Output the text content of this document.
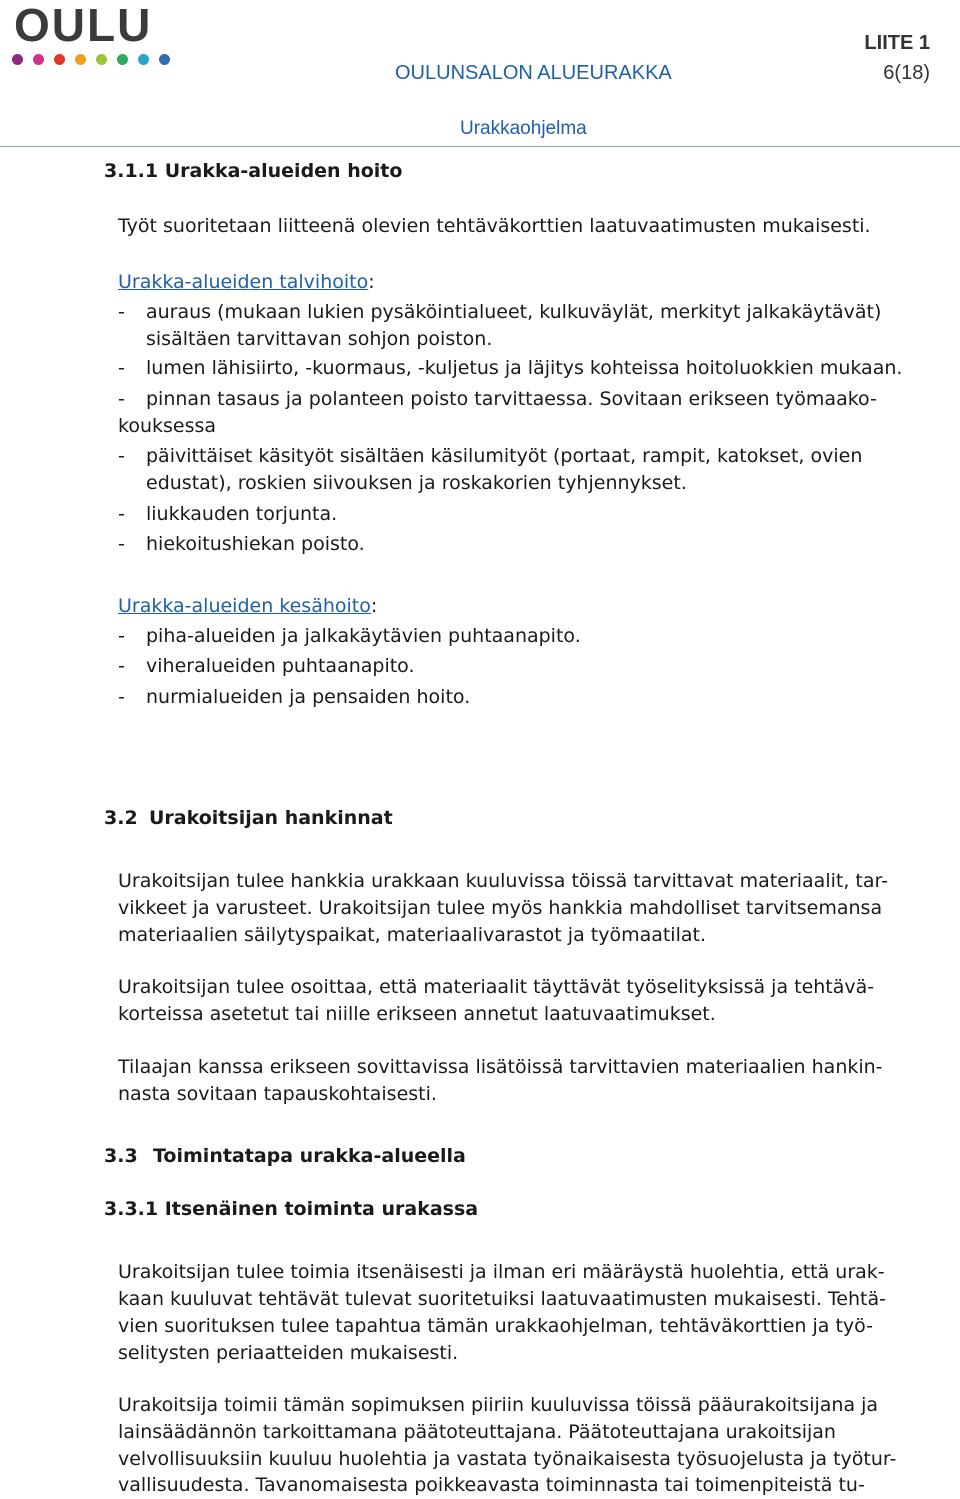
OULU	LIITE 1
OULUNSALON ALUEURAKKA	6(18)
Urakkaohjelma
3.1.1 Urakka-alueiden hoito
Työt suoritetaan liitteenä olevien tehtäväkorttien laatuvaatimusten mukaisesti.
Urakka-alueiden talvihoito:
- auraus (mukaan lukien pysäköintialueet, kulkuväylät, merkityt jalkakäytävät)
sisältäen tarvittavan sohjon poiston.
- lumen lähisiirto, -kuormaus, -kuljetus ja läjitys kohteissa hoitoluokkien mukaan.
- pinnan tasaus ja polanteen poisto tarvittaessa. Sovitaan erikseen työmaako-
kouksessa
- päivittäiset käsityöt sisältäen käsilumityöt (portaat, rampit, katokset, ovien
edustat), roskien siivouksen ja roskakorien tyhjennykset.
- liukkauden torjunta.
- hiekoitushiekan poisto.
Urakka-alueiden kesähoito:
- piha-alueiden ja jalkakäytävien puhtaanapito.
- viheralueiden puhtaanapito.
- nurmialueiden ja pensaiden hoito.
3.2 Urakoitsijan hankinnat
Urakoitsijan tulee hankkia urakkaan kuuluvissa töissä tarvittavat materiaalit, tar-
vikkeet ja varusteet. Urakoitsijan tulee myös hankkia mahdolliset tarvitsemansa
materiaalien säilytyspaikat, materiaalivarastot ja työmaatilat.
Urakoitsijan tulee osoittaa, että materiaalit täyttävät työselityksissä ja tehtävä-
korteissa asetetut tai niille erikseen annetut laatuvaatimukset.
Tilaajan kanssa erikseen sovittavissa lisätöissä tarvittavien materiaalien hankin-
nasta sovitaan tapauskohtaisesti.
3.3 Toimintatapa urakka-alueella
3.3.1 Itsenäinen toiminta urakassa
Urakoitsijan tulee toimia itsenäisesti ja ilman eri määräystä huolehtia, että urak-
kaan kuuluvat tehtävät tulevat suoritetuiksi laatuvaatimusten mukaisesti. Tehtä-
vien suorituksen tulee tapahtua tämän urakkaohjelman, tehtäväkorttien ja työ-
selitysten periaatteiden mukaisesti.
Urakoitsija toimii tämän sopimuksen piiriin kuuluvissa töissä pääurakoitsijana ja
lainsäädännön tarkoittamana päätoteuttajana. Päätoteuttajana urakoitsijan
velvollisuuksiin kuuluu huolehtia ja vastata työnaikaisesta työsuojelusta ja työtur-
vallisuudesta. Tavanomaisesta poikkeavasta toiminnasta tai toimenpiteistä tu-
